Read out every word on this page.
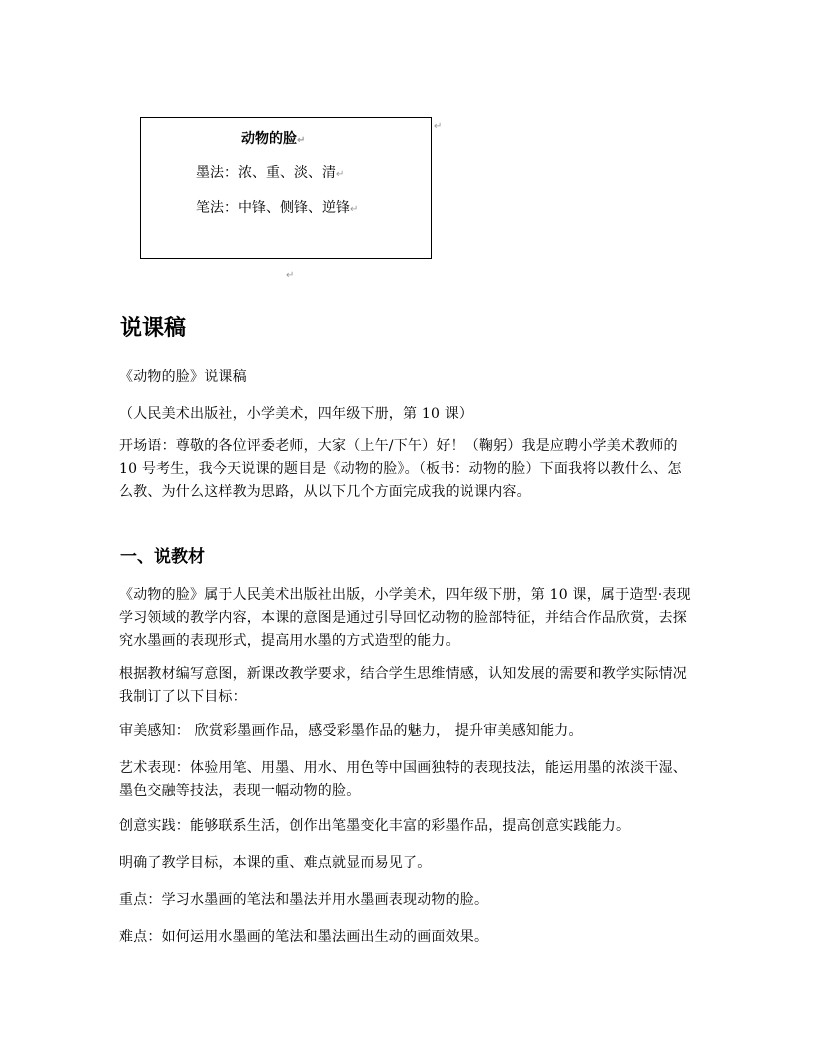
动物的脸↵
墨法：浓、重、淡、清↵
笔法：中锋、侧锋、逆锋↵
↵
↵
说课稿

《动物的脸》说课稿

（人民美术出版社，小学美术，四年级下册，第 10 课）

开场语：尊敬的各位评委老师，大家（上午/下午）好！（鞠躬）我是应聘小学美术教师的 10 号考生，我今天说课的题目是《动物的脸》。（板书：动物的脸）下面我将以教什么、怎么教、为什么这样教为思路，从以下几个方面完成我的说课内容。

一、说教材

《动物的脸》属于人民美术出版社出版，小学美术，四年级下册，第 10 课，属于造型·表现学习领域的教学内容，本课的意图是通过引导回忆动物的脸部特征，并结合作品欣赏，去探究水墨画的表现形式，提高用水墨的方式造型的能力。

根据教材编写意图，新课改教学要求，结合学生思维情感，认知发展的需要和教学实际情况我制订了以下目标：

审美感知： 欣赏彩墨画作品，感受彩墨作品的魅力， 提升审美感知能力。

艺术表现：体验用笔、用墨、用水、用色等中国画独特的表现技法，能运用墨的浓淡干湿、墨色交融等技法，表现一幅动物的脸。

创意实践：能够联系生活，创作出笔墨变化丰富的彩墨作品，提高创意实践能力。

明确了教学目标，本课的重、难点就显而易见了。

重点：学习水墨画的笔法和墨法并用水墨画表现动物的脸。

难点：如何运用水墨画的笔法和墨法画出生动的画面效果。
